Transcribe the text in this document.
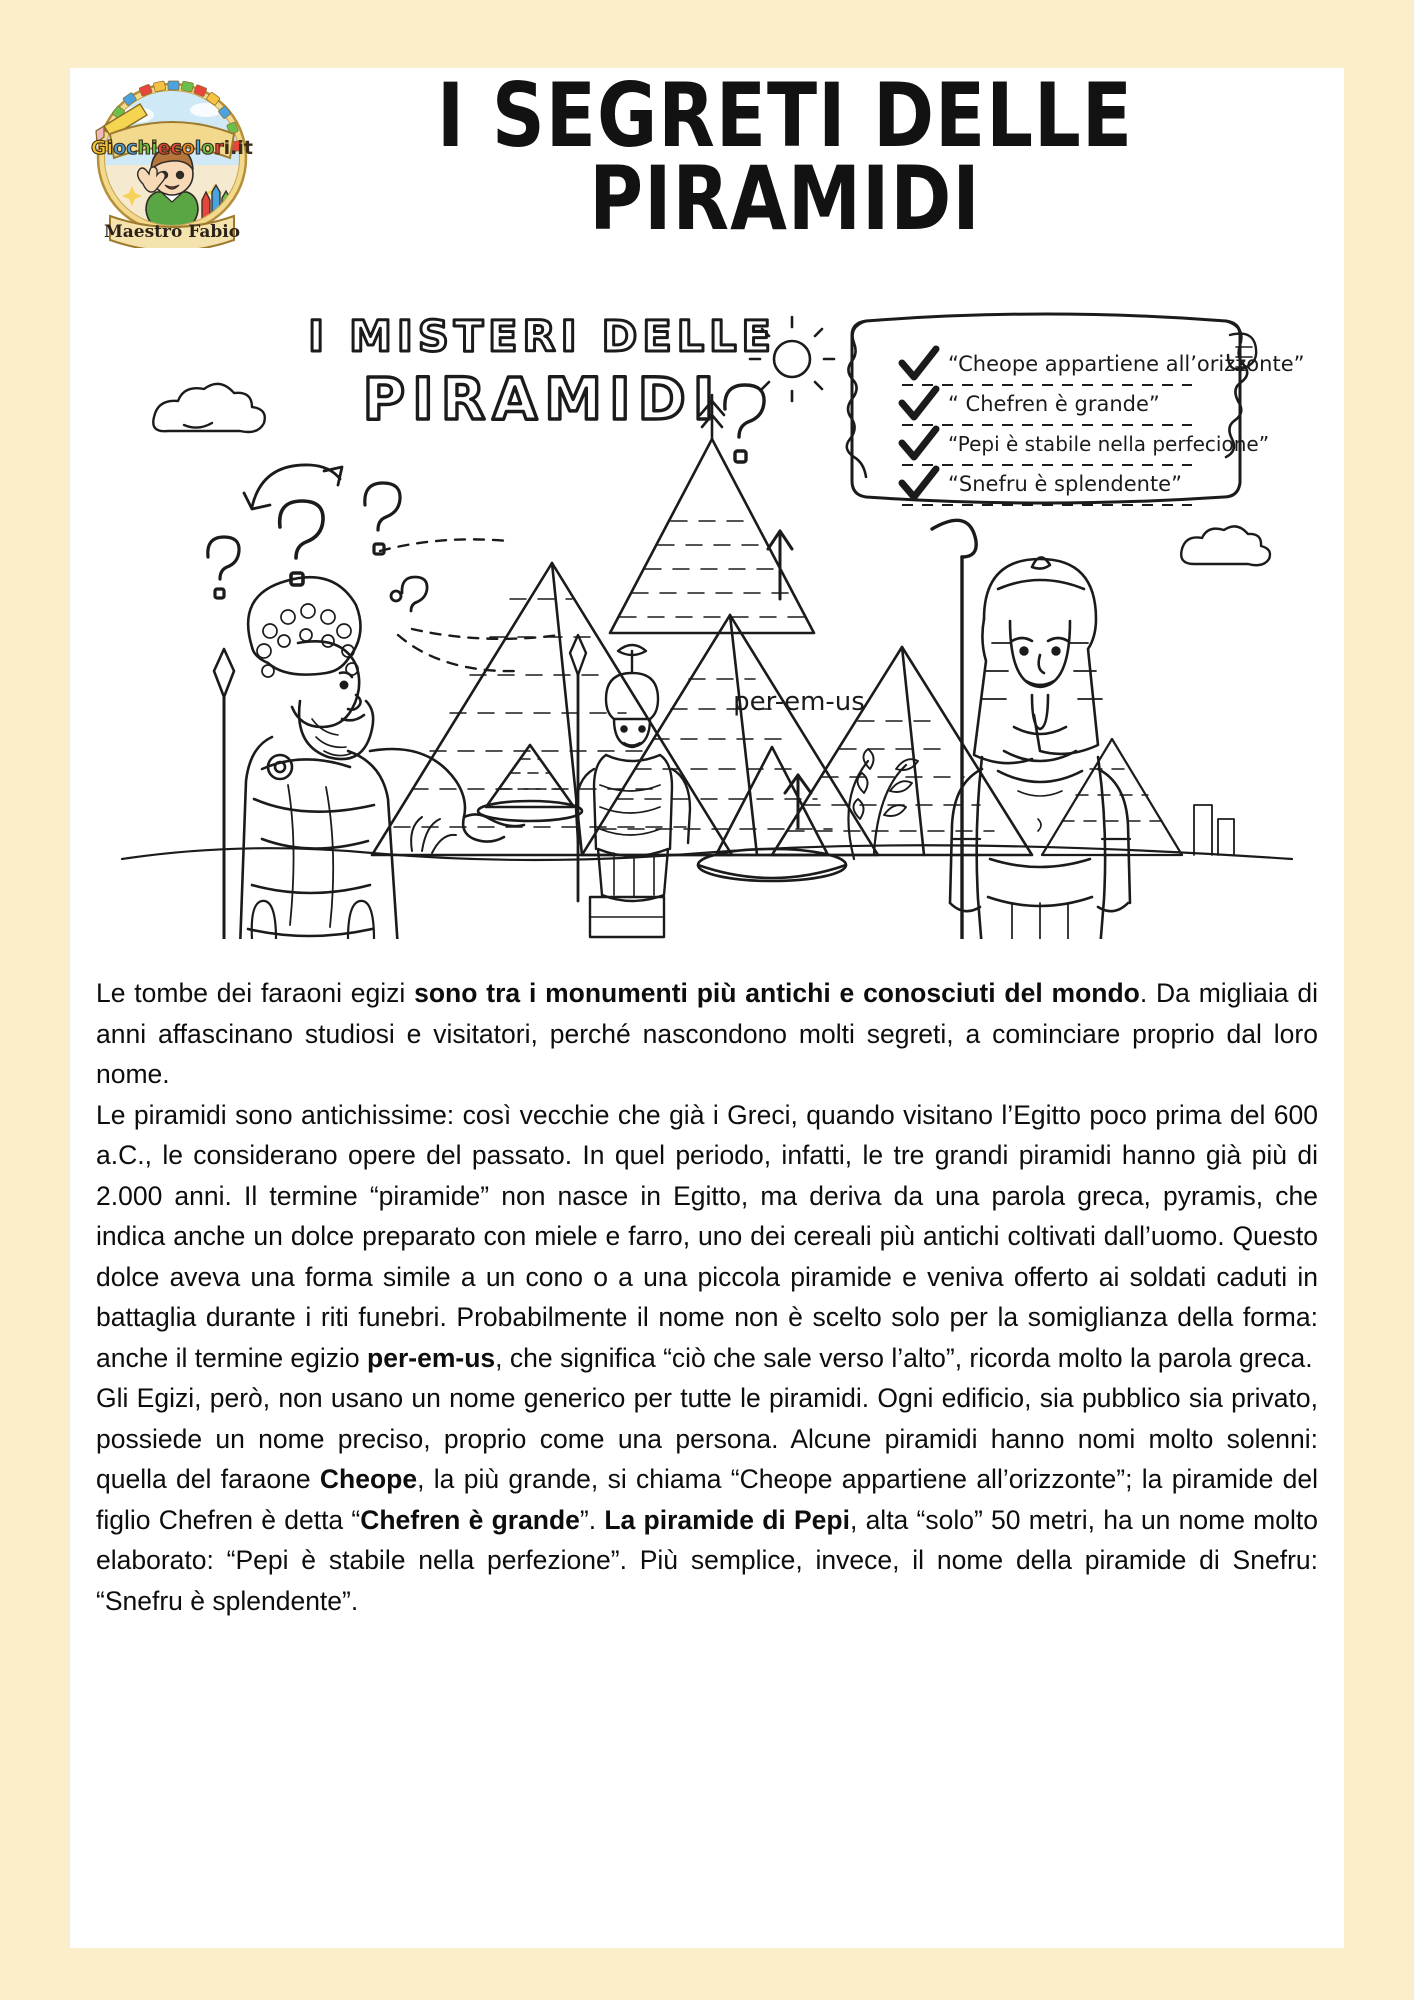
Giochiecolori.it
Maestro Fabio
I SEGRETI DELLE
PIRAMIDI
I MISTERI DELLE
PIRAMIDI
per-em-us
“Cheope appartiene all’orizzonte”
“ Chefren è grande”
“Pepi è stabile nella perfecione”
“Snefru è splendente”

Le tombe dei faraoni egizi sono tra i monumenti più antichi e conosciuti del mondo. Da migliaia di anni affascinano studiosi e visitatori, perché nascondono molti segreti, a cominciare proprio dal loro nome.

Le piramidi sono antichissime: così vecchie che già i Greci, quando visitano l’Egitto poco prima del 600 a.C., le considerano opere del passato. In quel periodo, infatti, le tre grandi piramidi hanno già più di 2.000 anni. Il termine “piramide” non nasce in Egitto, ma deriva da una parola greca, pyramis, che indica anche un dolce preparato con miele e farro, uno dei cereali più antichi coltivati dall’uomo. Questo dolce aveva una forma simile a un cono o a una piccola piramide e veniva offerto ai soldati caduti in battaglia durante i riti funebri. Probabilmente il nome non è scelto solo per la somiglianza della forma: anche il termine egizio per-em-us, che significa “ciò che sale verso l’alto”, ricorda molto la parola greca.

Gli Egizi, però, non usano un nome generico per tutte le piramidi. Ogni edificio, sia pubblico sia privato, possiede un nome preciso, proprio come una persona. Alcune piramidi hanno nomi molto solenni: quella del faraone Cheope, la più grande, si chiama “Cheope appartiene all’orizzonte”; la piramide del figlio Chefren è detta “Chefren è grande”. La piramide di Pepi, alta “solo” 50 metri, ha un nome molto elaborato: “Pepi è stabile nella perfezione”. Più semplice, invece, il nome della piramide di Snefru: “Snefru è splendente”.
